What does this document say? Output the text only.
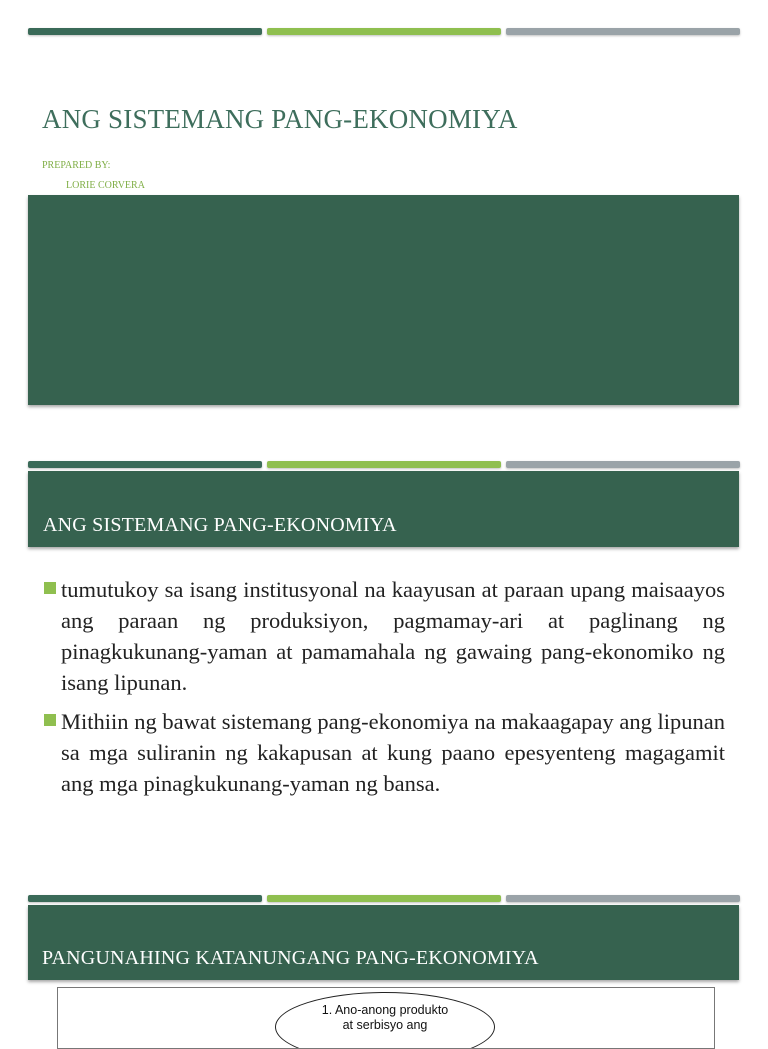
ANG SISTEMANG PANG-EKONOMIYA
PREPARED BY:
LORIE CORVERA
ANG SISTEMANG PANG-EKONOMIYA
tumutukoy sa isang institusyonal na kaayusan at paraan upang maisaayos ang paraan ng produksiyon, pagmamay-ari at paglinang ng pinagkukunang-yaman at pamamahala ng gawaing pang-ekonomiko ng isang lipunan.
Mithiin ng bawat sistemang pang-ekonomiya na makaagapay ang lipunan sa mga suliranin ng kakapusan at kung paano epesyenteng magagamit ang mga pinagkukunang-yaman ng bansa.
PANGUNAHING KATANUNGANG PANG-EKONOMIYA
1. Ano-anong produkto
at serbisyo ang
